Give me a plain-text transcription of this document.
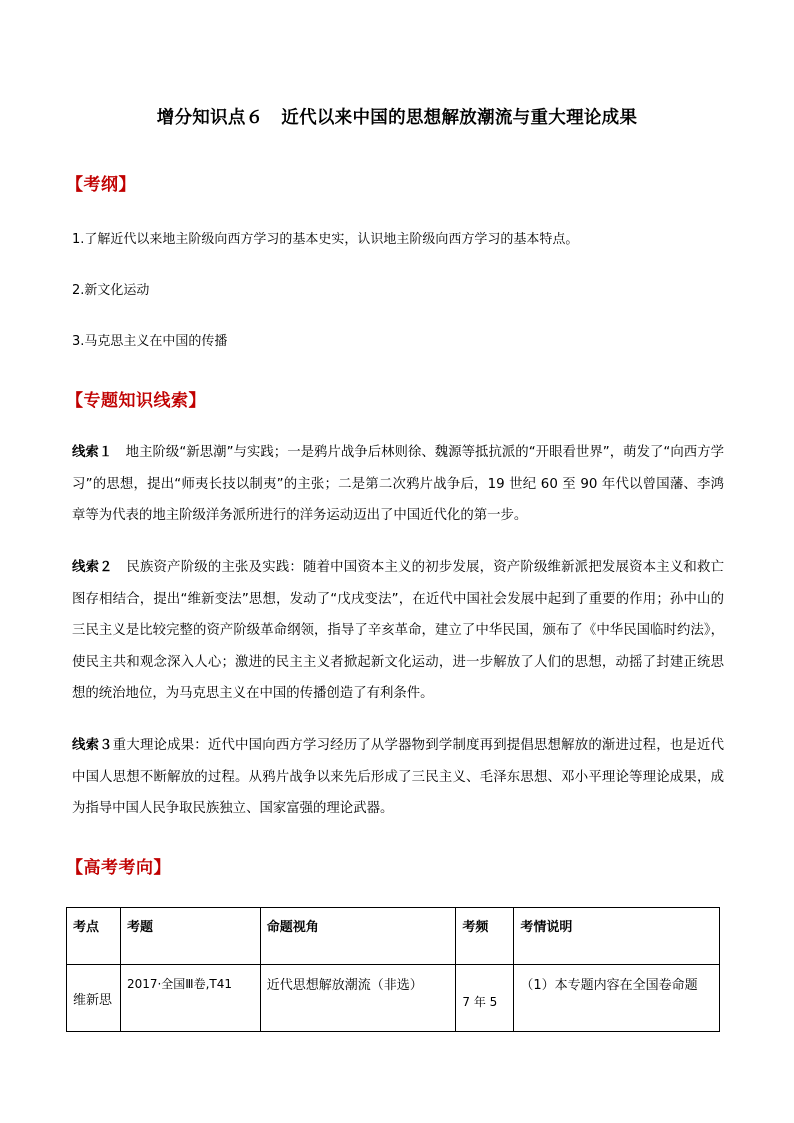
增分知识点６　近代以来中国的思想解放潮流与重大理论成果
【考纲】
1.了解近代以来地主阶级向西方学习的基本史实，认识地主阶级向西方学习的基本特点。
2.新文化运动
3.马克思主义在中国的传播
【专题知识线索】
线索１　地主阶级“新思潮”与实践；一是鸦片战争后林则徐、魏源等抵抗派的“开眼看世界”，萌发了“向西方学习”的思想，提出“师夷长技以制夷”的主张；二是第二次鸦片战争后，19 世纪 60 至 90 年代以曾国藩、李鸿章等为代表的地主阶级洋务派所进行的洋务运动迈出了中国近代化的第一步。
线索２　民族资产阶级的主张及实践：随着中国资本主义的初步发展，资产阶级维新派把发展资本主义和救亡图存相结合，提出“维新变法”思想，发动了“戊戌变法”，在近代中国社会发展中起到了重要的作用；孙中山的三民主义是比较完整的资产阶级革命纲领，指导了辛亥革命，建立了中华民国，颁布了《中华民国临时约法》，使民主共和观念深入人心；激进的民主主义者掀起新文化运动，进一步解放了人们的思想，动摇了封建正统思想的统治地位，为马克思主义在中国的传播创造了有利条件。
线索３重大理论成果：近代中国向西方学习经历了从学器物到学制度再到提倡思想解放的渐进过程，也是近代中国人思想不断解放的过程。从鸦片战争以来先后形成了三民主义、毛泽东思想、邓小平理论等理论成果，成为指导中国人民争取民族独立、国家富强的理论武器。
【高考考向】
考点	考题	命题视角	考频	考情说明
维新思	2017·全国Ⅲ卷,T41	近代思想解放潮流（非选）	7 年 5	（1）本专题内容在全国卷命题
